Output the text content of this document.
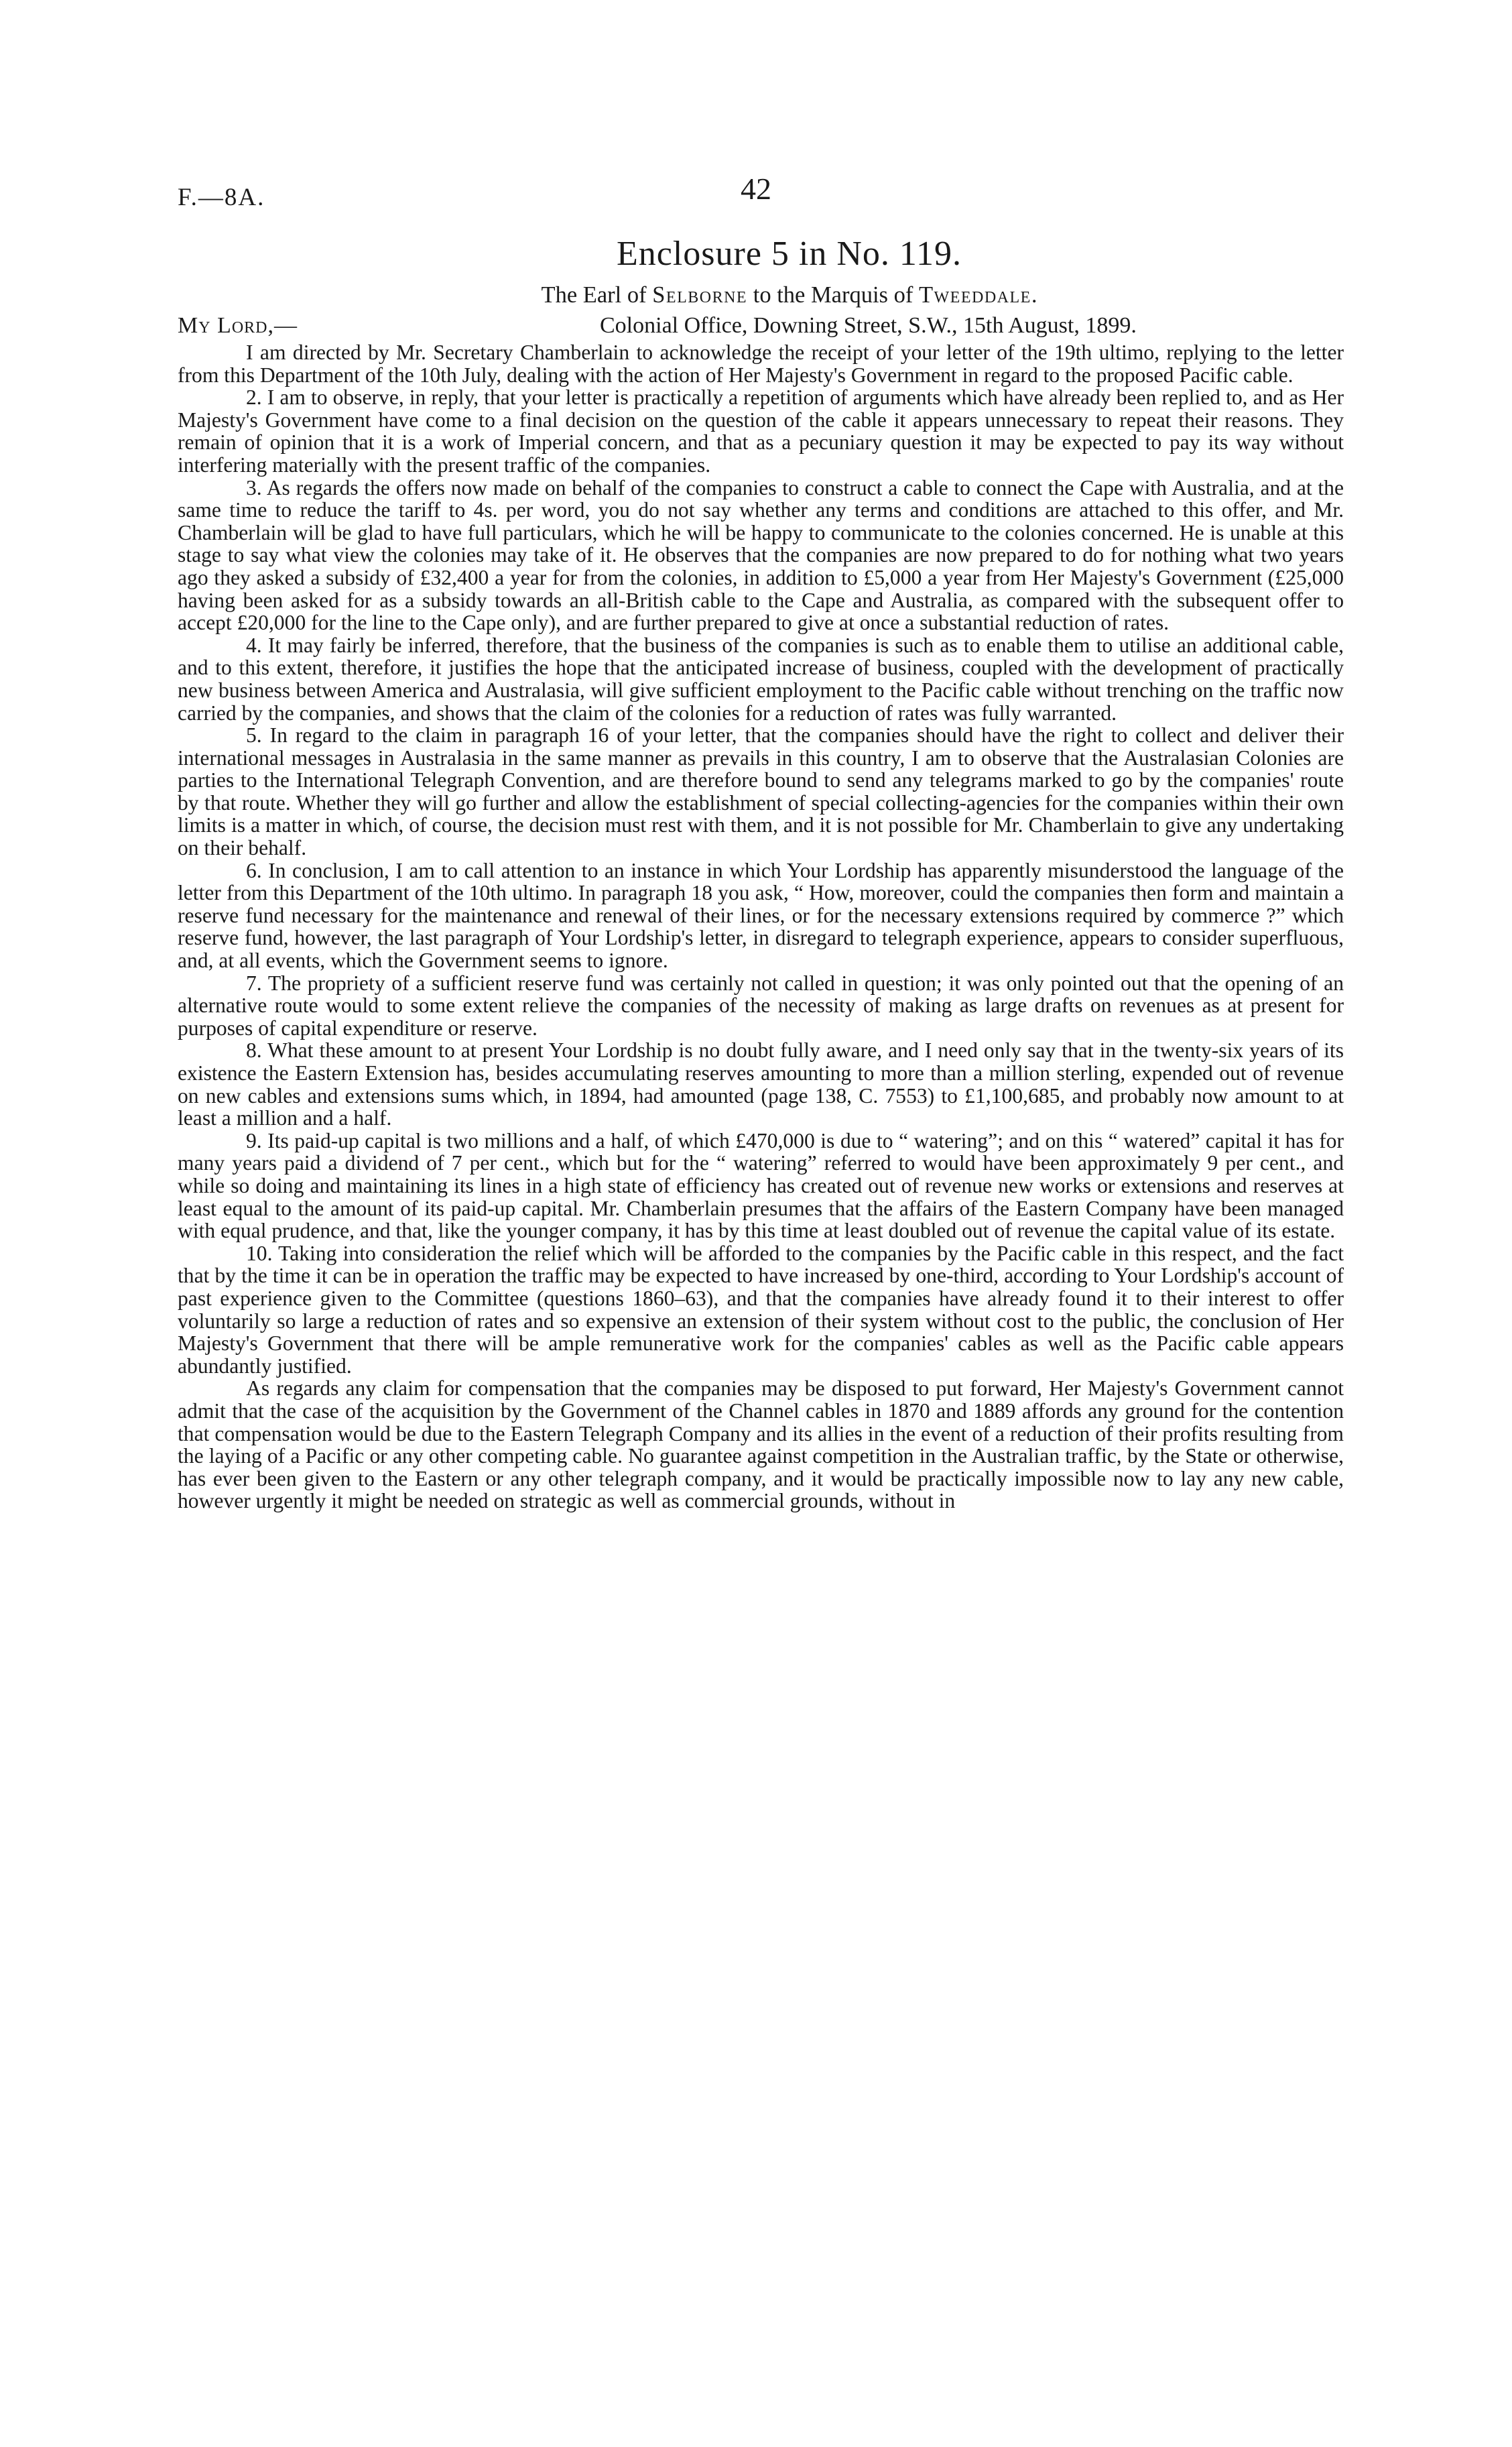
F.—8A.	42
Enclosure 5 in No. 119.
The Earl of Selborne to the Marquis of Tweeddale.
My Lord,—	Colonial Office, Downing Street, S.W., 15th August, 1899.

I am directed by Mr. Secretary Chamberlain to acknowledge the receipt of your letter of the 19th ultimo, replying to the letter from this Department of the 10th July, dealing with the action of Her Majesty's Government in regard to the proposed Pacific cable.

2. I am to observe, in reply, that your letter is practically a repetition of arguments which have already been replied to, and as Her Majesty's Government have come to a final decision on the question of the cable it appears unnecessary to repeat their reasons. They remain of opinion that it is a work of Imperial concern, and that as a pecuniary question it may be expected to pay its way without interfering materially with the present traffic of the companies.

3. As regards the offers now made on behalf of the companies to construct a cable to connect the Cape with Australia, and at the same time to reduce the tariff to 4s. per word, you do not say whether any terms and conditions are attached to this offer, and Mr. Chamberlain will be glad to have full particulars, which he will be happy to communicate to the colonies concerned. He is unable at this stage to say what view the colonies may take of it. He observes that the companies are now prepared to do for nothing what two years ago they asked a subsidy of £32,400 a year for from the colonies, in addition to £5,000 a year from Her Majesty's Government (£25,000 having been asked for as a subsidy towards an all-British cable to the Cape and Australia, as compared with the subsequent offer to accept £20,000 for the line to the Cape only), and are further prepared to give at once a substantial reduction of rates.

4. It may fairly be inferred, therefore, that the business of the companies is such as to enable them to utilise an additional cable, and to this extent, therefore, it justifies the hope that the anticipated increase of business, coupled with the development of practically new business between America and Australasia, will give sufficient employment to the Pacific cable without trenching on the traffic now carried by the companies, and shows that the claim of the colonies for a reduction of rates was fully warranted.

5. In regard to the claim in paragraph 16 of your letter, that the companies should have the right to collect and deliver their international messages in Australasia in the same manner as prevails in this country, I am to observe that the Australasian Colonies are parties to the International Telegraph Convention, and are therefore bound to send any telegrams marked to go by the companies' route by that route. Whether they will go further and allow the establishment of special collecting-agencies for the companies within their own limits is a matter in which, of course, the decision must rest with them, and it is not possible for Mr. Chamberlain to give any undertaking on their behalf.

6. In conclusion, I am to call attention to an instance in which Your Lordship has apparently misunderstood the language of the letter from this Department of the 10th ultimo. In paragraph 18 you ask, “ How, moreover, could the companies then form and maintain a reserve fund necessary for the maintenance and renewal of their lines, or for the necessary extensions required by commerce ?” which reserve fund, however, the last paragraph of Your Lordship's letter, in disregard to telegraph experience, appears to consider superfluous, and, at all events, which the Government seems to ignore.

7. The propriety of a sufficient reserve fund was certainly not called in question; it was only pointed out that the opening of an alternative route would to some extent relieve the companies of the necessity of making as large drafts on revenues as at present for purposes of capital expenditure or reserve.

8. What these amount to at present Your Lordship is no doubt fully aware, and I need only say that in the twenty-six years of its existence the Eastern Extension has, besides accumulating reserves amounting to more than a million sterling, expended out of revenue on new cables and extensions sums which, in 1894, had amounted (page 138, C. 7553) to £1,100,685, and probably now amount to at least a million and a half.

9. Its paid-up capital is two millions and a half, of which £470,000 is due to “ watering”; and on this “ watered” capital it has for many years paid a dividend of 7 per cent., which but for the “ watering” referred to would have been approximately 9 per cent., and while so doing and maintaining its lines in a high state of efficiency has created out of revenue new works or extensions and reserves at least equal to the amount of its paid-up capital. Mr. Chamberlain presumes that the affairs of the Eastern Company have been managed with equal prudence, and that, like the younger company, it has by this time at least doubled out of revenue the capital value of its estate.

10. Taking into consideration the relief which will be afforded to the companies by the Pacific cable in this respect, and the fact that by the time it can be in operation the traffic may be expected to have increased by one-third, according to Your Lordship's account of past experience given to the Committee (questions 1860–63), and that the companies have already found it to their interest to offer voluntarily so large a reduction of rates and so expensive an extension of their system without cost to the public, the conclusion of Her Majesty's Government that there will be ample remunerative work for the companies' cables as well as the Pacific cable appears abundantly justified.

As regards any claim for compensation that the companies may be disposed to put forward, Her Majesty's Government cannot admit that the case of the acquisition by the Government of the Channel cables in 1870 and 1889 affords any ground for the contention that compensation would be due to the Eastern Telegraph Company and its allies in the event of a reduction of their profits resulting from the laying of a Pacific or any other competing cable. No guarantee against competition in the Australian traffic, by the State or otherwise, has ever been given to the Eastern or any other telegraph company, and it would be practically impossible now to lay any new cable, however urgently it might be needed on strategic as well as commercial grounds, without in
